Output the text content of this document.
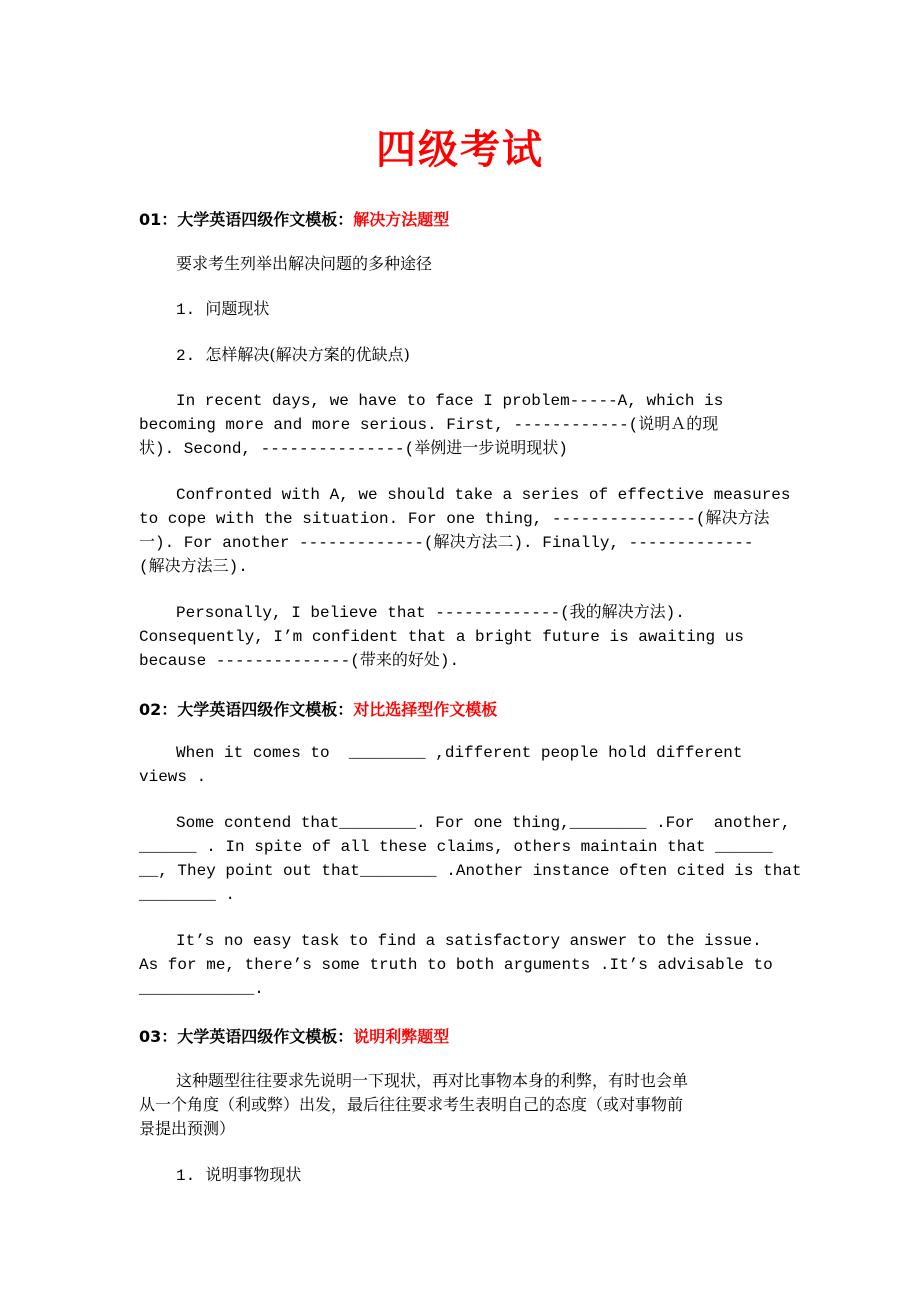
四级考试
01：大学英语四级作文模板：解决方法题型
要求考生列举出解决问题的多种途径
1. 问题现状
2. 怎样解决(解决方案的优缺点)
In recent days, we have to face I problem-----A, which is
becoming more and more serious. First, ------------(说明Ａ的现
状). Second, ---------------(举例进一步说明现状)
Confronted with A, we should take a series of effective measures
to cope with the situation. For one thing, ---------------(解决方法
一). For another -------------(解决方法二). Finally, -------------
(解决方法三).
Personally, I believe that -------------(我的解决方法).
Consequently, I’m confident that a bright future is awaiting us
because --------------(带来的好处).
02：大学英语四级作文模板：对比选择型作文模板
When it comes to  ________ ,different people hold different
views .
Some contend that________. For one thing,________ .For  another,
______ . In spite of all these claims, others maintain that ______
__, They point out that________ .Another instance often cited is that
________ .
It’s no easy task to find a satisfactory answer to the issue.
As for me, there’s some truth to both arguments .It’s advisable to
____________.
03：大学英语四级作文模板：说明利弊题型
这种题型往往要求先说明一下现状，再对比事物本身的利弊，有时也会单
从一个角度（利或弊）出发，最后往往要求考生表明自己的态度（或对事物前
景提出预测）
1. 说明事物现状
